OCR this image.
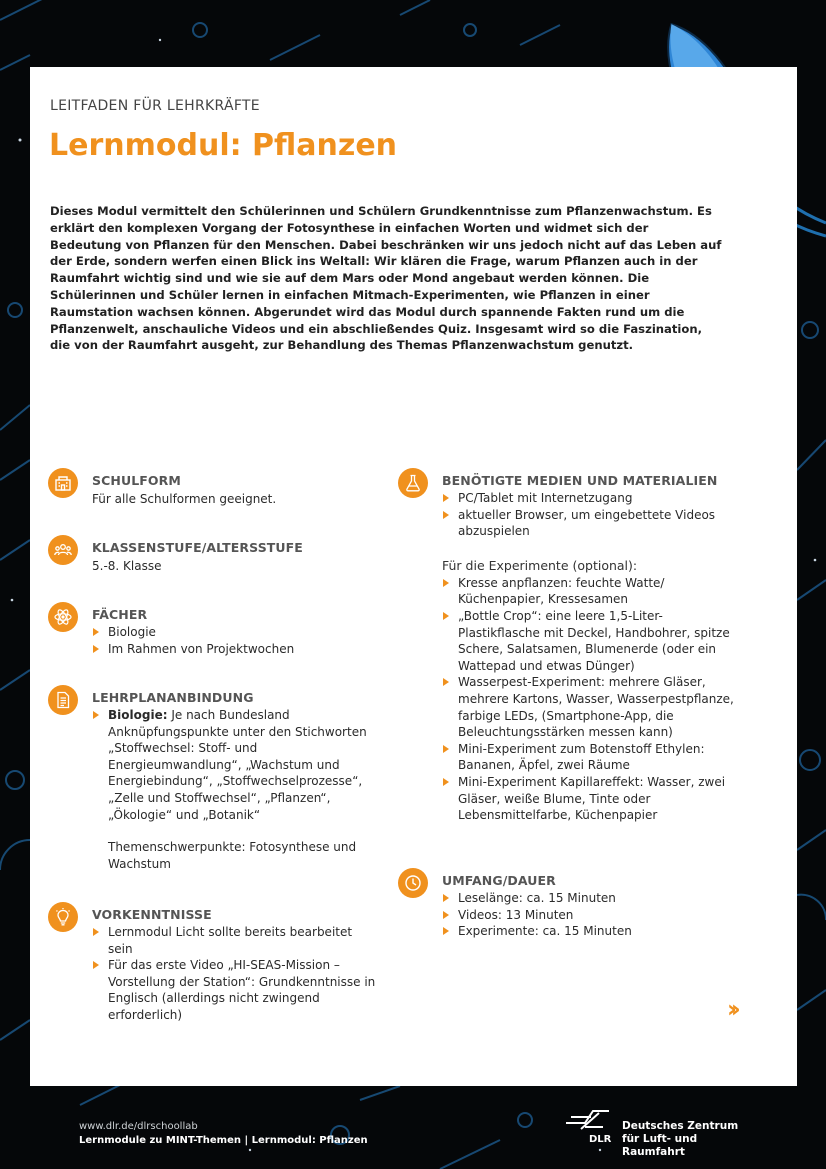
LEITFADEN FÜR LEHRKRÄFTE
Lernmodul: Pflanzen
Dieses Modul vermittelt den Schülerinnen und Schülern Grundkenntnisse zum Pflanzenwachstum. Es erklärt den komplexen Vorgang der Fotosynthese in einfachen Worten und widmet sich der Bedeutung von Pflanzen für den Menschen. Dabei beschränken wir uns jedoch nicht auf das Leben auf der Erde, sondern werfen einen Blick ins Weltall: Wir klären die Frage, warum Pflanzen auch in der Raumfahrt wichtig sind und wie sie auf dem Mars oder Mond angebaut werden können. Die Schülerinnen und Schüler lernen in einfachen Mitmach-Experimenten, wie Pflanzen in einer Raumstation wachsen können. Abgerundet wird das Modul durch spannende Fakten rund um die Pflanzenwelt, anschauliche Videos und ein abschließendes Quiz. Insgesamt wird so die Faszination, die von der Raumfahrt ausgeht, zur Behandlung des Themas Pflanzenwachstum genutzt.
SCHULFORM
Für alle Schulformen geeignet.
KLASSENSTUFE/ALTERSSTUFE
5.-8. Klasse
FÄCHER
Biologie
Im Rahmen von Projektwochen
LEHRPLANANBINDUNG
Biologie: Je nach Bundesland Anknüpfungspunkte unter den Stichworten „Stoffwechsel: Stoff- und Energieumwandlung“, „Wachstum und Energiebindung“, „Stoffwechselprozesse“, „Zelle und Stoffwechsel“, „Pflanzen“, „Ökologie“ und „Botanik“
Themenschwerpunkte: Fotosynthese und Wachstum
VORKENNTNISSE
Lernmodul Licht sollte bereits bearbeitet sein
Für das erste Video „HI-SEAS-Mission – Vorstellung der Station“: Grundkenntnisse in Englisch (allerdings nicht zwingend erforderlich)
BENÖTIGTE MEDIEN UND MATERIALIEN
PC/Tablet mit Internetzugang
aktueller Browser, um eingebettete Videos abzuspielen
Für die Experimente (optional):
Kresse anpflanzen: feuchte Watte/ Küchenpapier, Kressesamen
„Bottle Crop“: eine leere 1,5-Liter-Plastikflasche mit Deckel, Handbohrer, spitze Schere, Salatsamen, Blumenerde (oder ein Wattepad und etwas Dünger)
Wasserpest-Experiment: mehrere Gläser, mehrere Kartons, Wasser, Wasserpestpflanze, farbige LEDs, (Smartphone-App, die Beleuchtungsstärken messen kann)
Mini-Experiment zum Botenstoff Ethylen: Bananen, Äpfel, zwei Räume
Mini-Experiment Kapillareffekt: Wasser, zwei Gläser, weiße Blume, Tinte oder Lebensmittelfarbe, Küchenpapier
UMFANG/DAUER
Leselänge: ca. 15 Minuten
Videos: 13 Minuten
Experimente: ca. 15 Minuten
››
www.dlr.de/dlrschoollab
Lernmodule zu MINT-Themen | Lernmodul: Pflanzen	DLR
Deutsches Zentrum
für Luft- und Raumfahrt
